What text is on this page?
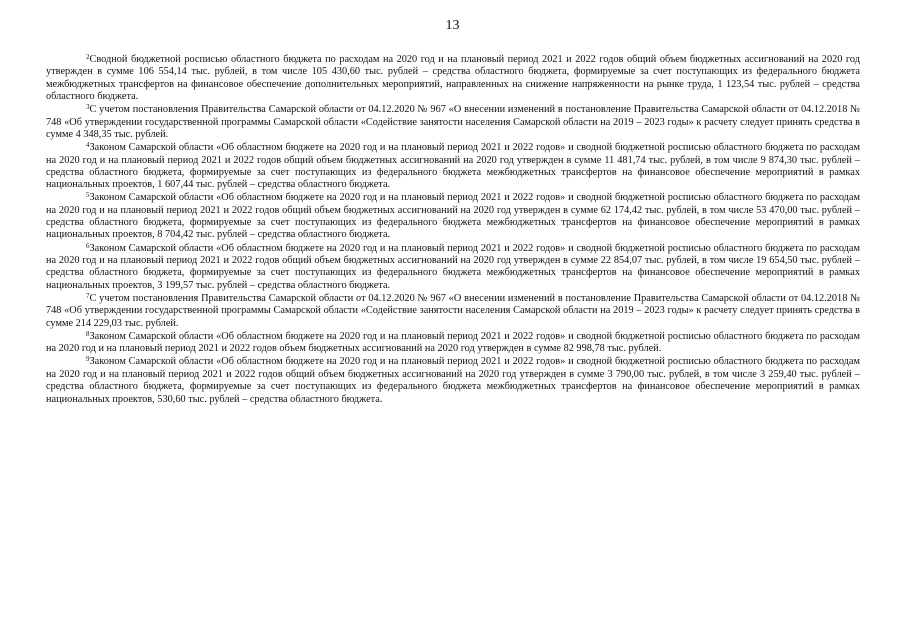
13

$^2$Сводной бюджетной росписью областного бюджета по расходам на 2020 год и на плановый период 2021 и 2022 годов общий объем бюджетных ассигнований на 2020 год утвержден в сумме 106 554,14 тыс. рублей, в том числе 105 430,60 тыс. рублей – средства областного бюджета, формируемые за счет поступающих из федерального бюджета межбюджетных трансфертов на финансовое обеспечение дополнительных мероприятий, направленных на снижение напряженности на рынке труда, 1 123,54 тыс. рублей – средства областного бюджета.

$^3$С учетом постановления Правительства Самарской области от 04.12.2020 № 967 «О внесении изменений в постановление Правительства Самарской области от 04.12.2018 № 748 «Об утверждении государственной программы Самарской области «Содействие занятости населения Самарской области на 2019 – 2023 годы» к расчету следует принять средства в сумме 4 348,35 тыс. рублей.

$^4$Законом Самарской области «Об областном бюджете на 2020 год и на плановый период 2021 и 2022 годов» и сводной бюджетной росписью областного бюджета по расходам на 2020 год и на плановый период 2021 и 2022 годов общий объем бюджетных ассигнований на 2020 год утвержден в сумме 11 481,74 тыс. рублей, в том числе 9 874,30 тыс. рублей – средства областного бюджета, формируемые за счет поступающих из федерального бюджета межбюджетных трансфертов на финансовое обеспечение мероприятий в рамках национальных проектов, 1 607,44 тыс. рублей – средства областного бюджета.

$^5$Законом Самарской области «Об областном бюджете на 2020 год и на плановый период 2021 и 2022 годов» и сводной бюджетной росписью областного бюджета по расходам на 2020 год и на плановый период 2021 и 2022 годов общий объем бюджетных ассигнований на 2020 год утвержден в сумме 62 174,42 тыс. рублей, в том числе 53 470,00 тыс. рублей – средства областного бюджета, формируемые за счет поступающих из федерального бюджета межбюджетных трансфертов на финансовое обеспечение мероприятий в рамках национальных проектов, 8 704,42 тыс. рублей – средства областного бюджета.

$^6$Законом Самарской области «Об областном бюджете на 2020 год и на плановый период 2021 и 2022 годов» и сводной бюджетной росписью областного бюджета по расходам на 2020 год и на плановый период 2021 и 2022 годов общий объем бюджетных ассигнований на 2020 год утвержден в сумме 22 854,07 тыс. рублей, в том числе 19 654,50 тыс. рублей – средства областного бюджета, формируемые за счет поступающих из федерального бюджета межбюджетных трансфертов на финансовое обеспечение мероприятий в рамках национальных проектов, 3 199,57 тыс. рублей – средства областного бюджета.

$^7$С учетом постановления Правительства Самарской области от 04.12.2020 № 967 «О внесении изменений в постановление Правительства Самарской области от 04.12.2018 № 748 «Об утверждении государственной программы Самарской области «Содействие занятости населения Самарской области на 2019 – 2023 годы» к расчету следует принять средства в сумме 214 229,03 тыс. рублей.

$^8$Законом Самарской области «Об областном бюджете на 2020 год и на плановый период 2021 и 2022 годов» и сводной бюджетной росписью областного бюджета по расходам на 2020 год и на плановый период 2021 и 2022 годов объем бюджетных ассигнований на 2020 год утвержден в сумме 82 998,78 тыс. рублей.

$^9$Законом Самарской области «Об областном бюджете на 2020 год и на плановый период 2021 и 2022 годов» и сводной бюджетной росписью областного бюджета по расходам на 2020 год и на плановый период 2021 и 2022 годов общий объем бюджетных ассигнований на 2020 год утвержден в сумме 3 790,00 тыс. рублей, в том числе 3 259,40 тыс. рублей – средства областного бюджета, формируемые за счет поступающих из федерального бюджета межбюджетных трансфертов на финансовое обеспечение мероприятий в рамках национальных проектов, 530,60 тыс. рублей – средства областного бюджета.
